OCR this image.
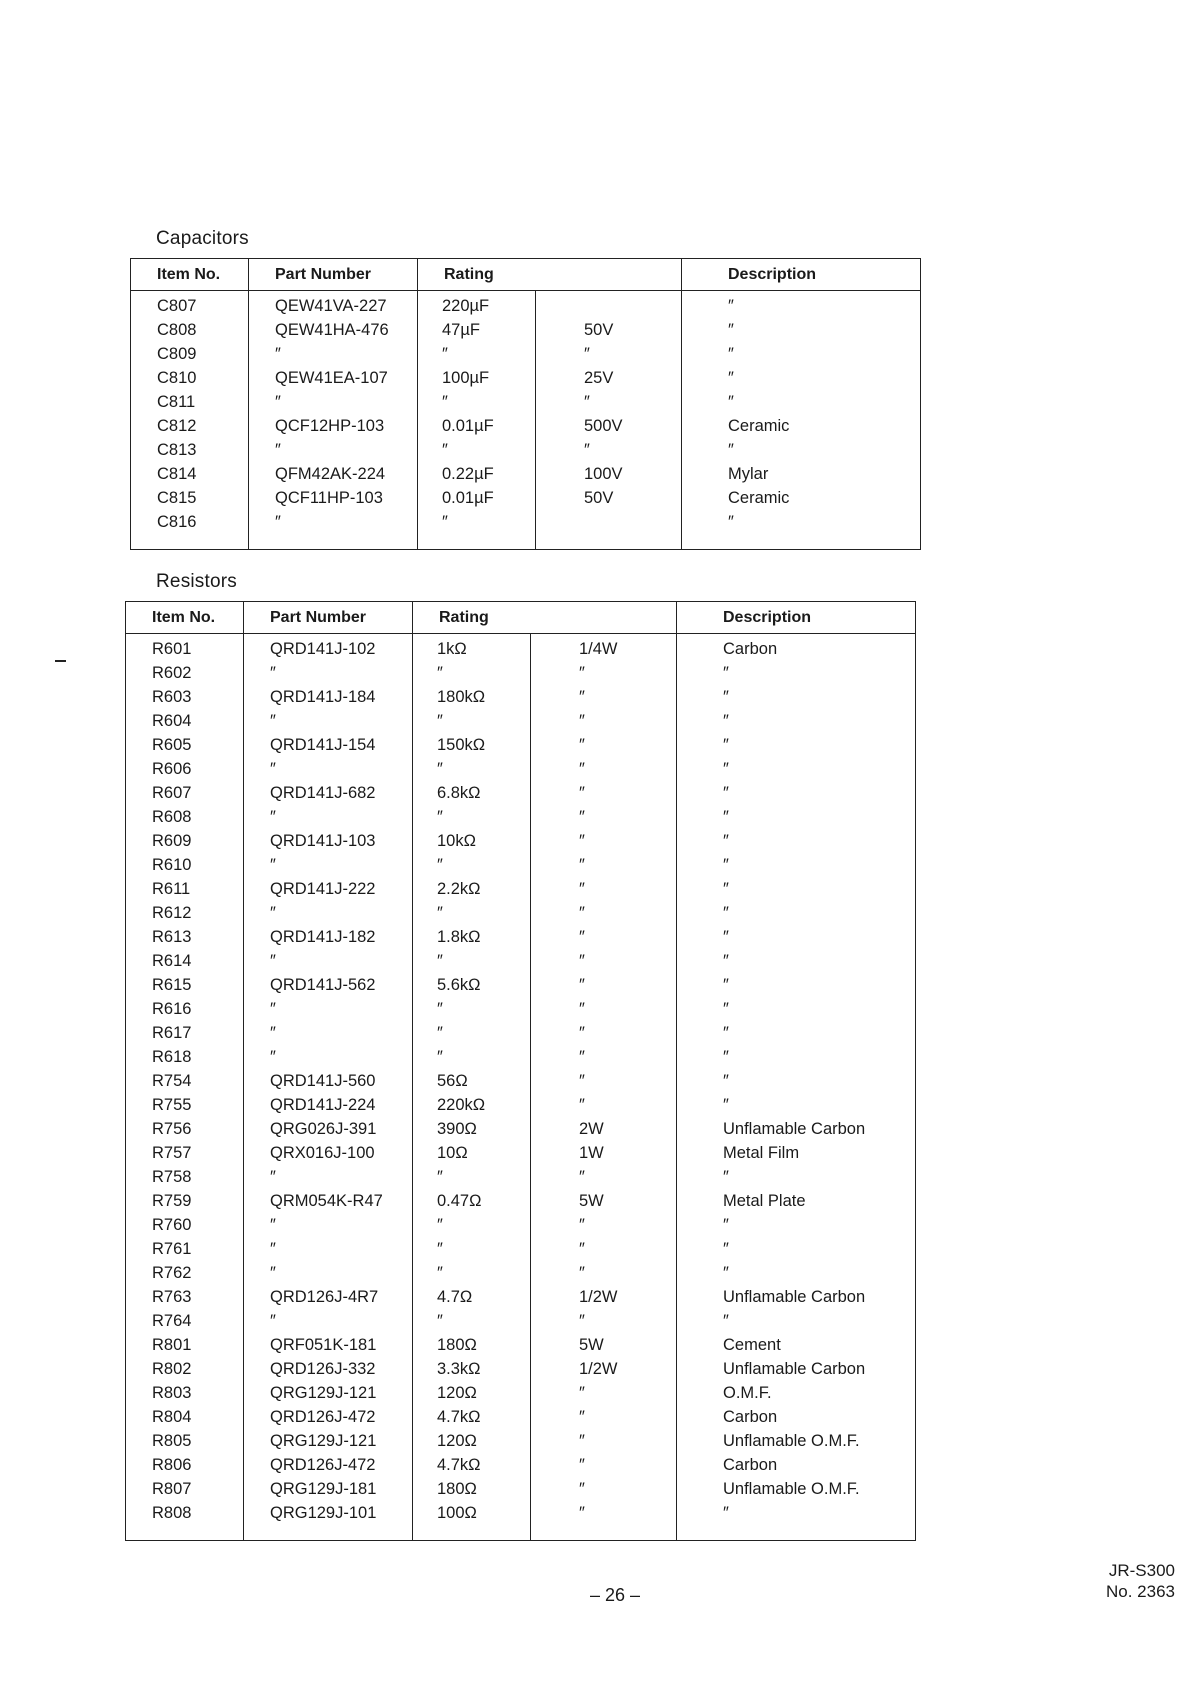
Capacitors
Item No.	Part Number	Rating		Description
C807	QEW41VA-227	220µF		″
C808	QEW41HA-476	47µF	50V	″
C809	″	″	″	″
C810	QEW41EA-107	100µF	25V	″
C811	″	″	″	″
C812	QCF12HP-103	0.01µF	500V	Ceramic
C813	″	″	″	″
C814	QFM42AK-224	0.22µF	100V	Mylar
C815	QCF11HP-103	0.01µF	50V	Ceramic
C816	″	″		″
Resistors
Item No.	Part Number	Rating		Description
R601	QRD141J-102	1kΩ	1/4W	Carbon
R602	″	″	″	″
R603	QRD141J-184	180kΩ	″	″
R604	″	″	″	″
R605	QRD141J-154	150kΩ	″	″
R606	″	″	″	″
R607	QRD141J-682	6.8kΩ	″	″
R608	″	″	″	″
R609	QRD141J-103	10kΩ	″	″
R610	″	″	″	″
R611	QRD141J-222	2.2kΩ	″	″
R612	″	″	″	″
R613	QRD141J-182	1.8kΩ	″	″
R614	″	″	″	″
R615	QRD141J-562	5.6kΩ	″	″
R616	″	″	″	″
R617	″	″	″	″
R618	″	″	″	″
R754	QRD141J-560	56Ω	″	″
R755	QRD141J-224	220kΩ	″	″
R756	QRG026J-391	390Ω	2W	Unflamable Carbon
R757	QRX016J-100	10Ω	1W	Metal Film
R758	″	″	″	″
R759	QRM054K-R47	0.47Ω	5W	Metal Plate
R760	″	″	″	″
R761	″	″	″	″
R762	″	″	″	″
R763	QRD126J-4R7	4.7Ω	1/2W	Unflamable Carbon
R764	″	″	″	″
R801	QRF051K-181	180Ω	5W	Cement
R802	QRD126J-332	3.3kΩ	1/2W	Unflamable Carbon
R803	QRG129J-121	120Ω	″	O.M.F.
R804	QRD126J-472	4.7kΩ	″	Carbon
R805	QRG129J-121	120Ω	″	Unflamable O.M.F.
R806	QRD126J-472	4.7kΩ	″	Carbon
R807	QRG129J-181	180Ω	″	Unflamable O.M.F.
R808	QRG129J-101	100Ω	″	″
– 26 –
JR-S300
No. 2363
